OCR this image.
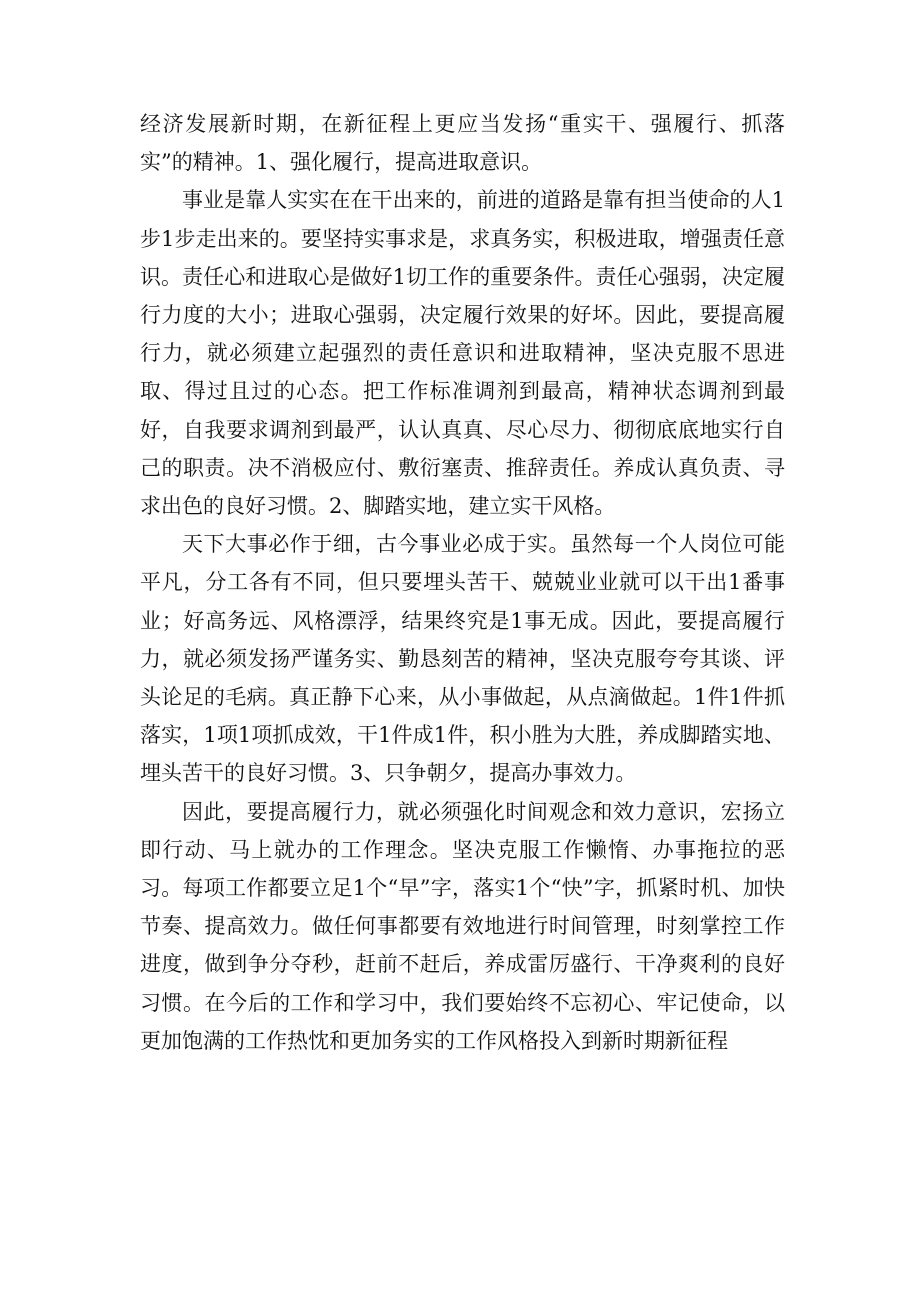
经济发展新时期，在新征程上更应当发扬“重实干、强履行、抓落实”的精神。1、强化履行，提高进取意识。

事业是靠人实实在在干出来的，前进的道路是靠有担当使命的人1步1步走出来的。要坚持实事求是，求真务实，积极进取，增强责任意识。责任心和进取心是做好1切工作的重要条件。责任心强弱，决定履行力度的大小；进取心强弱，决定履行效果的好坏。因此，要提高履行力，就必须建立起强烈的责任意识和进取精神，坚决克服不思进取、得过且过的心态。把工作标准调剂到最高，精神状态调剂到最好，自我要求调剂到最严，认认真真、尽心尽力、彻彻底底地实行自己的职责。决不消极应付、敷衍塞责、推辞责任。养成认真负责、寻求出色的良好习惯。2、脚踏实地，建立实干风格。

天下大事必作于细，古今事业必成于实。虽然每一个人岗位可能平凡，分工各有不同，但只要埋头苦干、兢兢业业就可以干出1番事业；好高务远、风格漂浮，结果终究是1事无成。因此，要提高履行力，就必须发扬严谨务实、勤恳刻苦的精神，坚决克服夸夸其谈、评头论足的毛病。真正静下心来，从小事做起，从点滴做起。1件1件抓落实，1项1项抓成效，干1件成1件，积小胜为大胜，养成脚踏实地、埋头苦干的良好习惯。3、只争朝夕，提高办事效力。

因此，要提高履行力，就必须强化时间观念和效力意识，宏扬立即行动、马上就办的工作理念。坚决克服工作懒惰、办事拖拉的恶习。每项工作都要立足1个“早”字，落实1个“快”字，抓紧时机、加快节奏、提高效力。做任何事都要有效地进行时间管理，时刻掌控工作进度，做到争分夺秒，赶前不赶后，养成雷厉盛行、干净爽利的良好习惯。在今后的工作和学习中，我们要始终不忘初心、牢记使命，以更加饱满的工作热忱和更加务实的工作风格投入到新时期新征程
